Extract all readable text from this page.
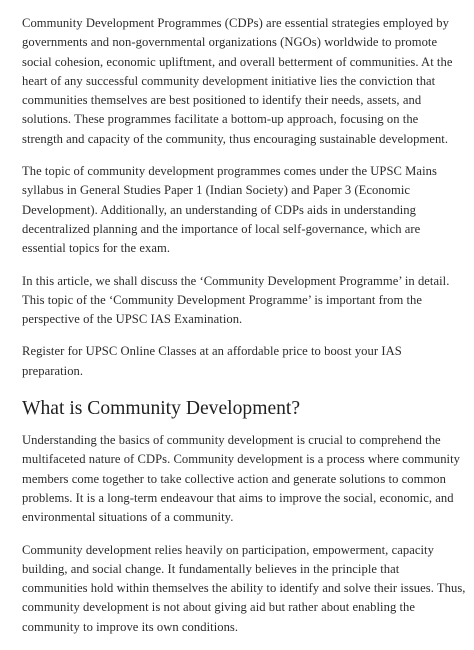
Community Development Programmes (CDPs) are essential strategies employed by
governments and non-governmental organizations (NGOs) worldwide to promote
social cohesion, economic upliftment, and overall betterment of communities. At the
heart of any successful community development initiative lies the conviction that
communities themselves are best positioned to identify their needs, assets, and
solutions. These programmes facilitate a bottom-up approach, focusing on the
strength and capacity of the community, thus encouraging sustainable development.

The topic of community development programmes comes under the UPSC Mains
syllabus in General Studies Paper 1 (Indian Society) and Paper 3 (Economic
Development). Additionally, an understanding of CDPs aids in understanding
decentralized planning and the importance of local self-governance, which are
essential topics for the exam.

In this article, we shall discuss the ‘Community Development Programme’ in detail.
This topic of the ‘Community Development Programme’ is important from the
perspective of the UPSC IAS Examination.

Register for UPSC Online Classes at an affordable price to boost your IAS
preparation.

What is Community Development?

Understanding the basics of community development is crucial to comprehend the
multifaceted nature of CDPs. Community development is a process where community
members come together to take collective action and generate solutions to common
problems. It is a long-term endeavour that aims to improve the social, economic, and
environmental situations of a community.

Community development relies heavily on participation, empowerment, capacity
building, and social change. It fundamentally believes in the principle that
communities hold within themselves the ability to identify and solve their issues. Thus,
community development is not about giving aid but rather about enabling the
community to improve its own conditions.
